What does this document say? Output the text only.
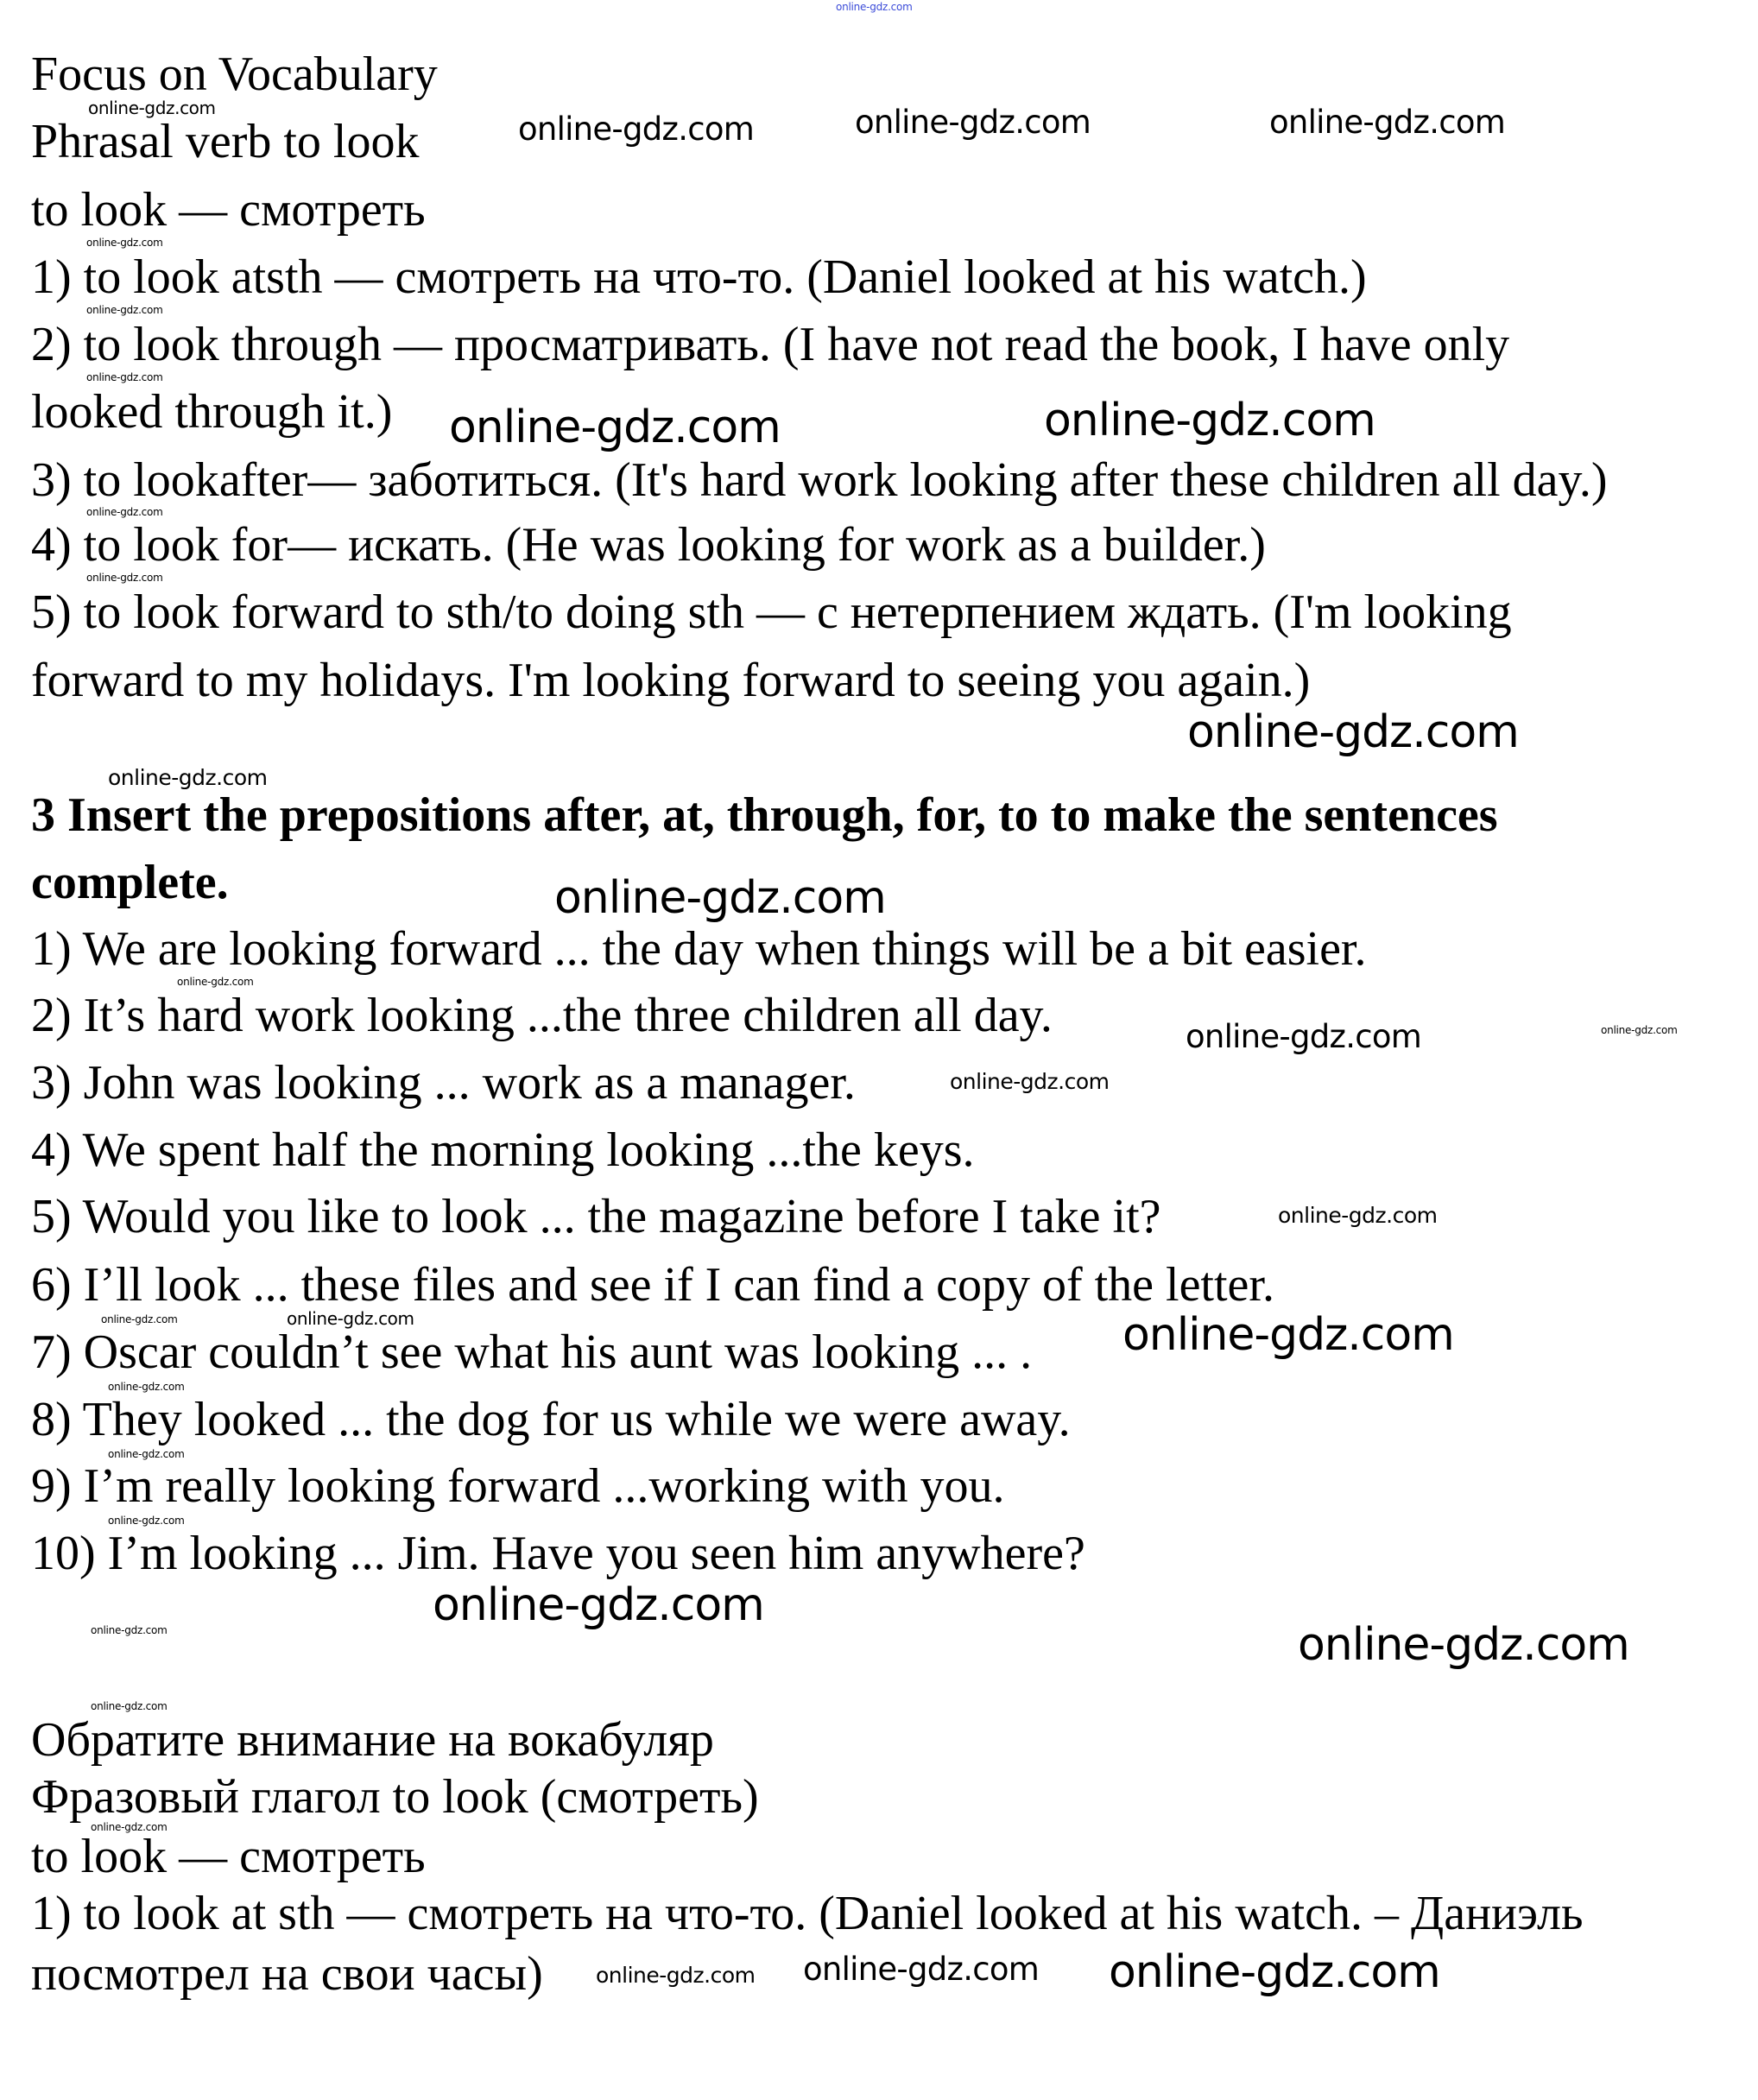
Focus on Vocabulary
Phrasal verb to look
to look — смотреть
1) to look atsth — смотреть на что-то. (Daniel looked at his watch.)
2) to look through — просматривать. (I have not read the book, I have only
looked through it.)
3) to lookafter— заботиться. (It's hard work looking after these children all day.)
4) to look for— искать. (He was looking for work as a builder.)
5) to look forward to sth/to doing sth — с нетерпением ждать. (I'm looking
forward to my holidays. I'm looking forward to seeing you again.)
3 Insert the prepositions after, at, through, for, to to make the sentences
complete.
1) We are looking forward ... the day when things will be a bit easier.
2) It’s hard work looking ...the three children all day.
3) John was looking ... work as a manager.
4) We spent half the morning looking ...the keys.
5) Would you like to look ... the magazine before I take it?
6) I’ll look ... these files and see if I can find a copy of the letter.
7) Oscar couldn’t see what his aunt was looking ... .
8) They looked ... the dog for us while we were away.
9) I’m really looking forward ...working with you.
10) I’m looking ... Jim. Have you seen him anywhere?
Обратите внимание на вокабуляр
Фразовый глагол to look (смотреть)
to look — смотреть
1) to look at sth — смотреть на что-то. (Daniel looked at his watch. – Даниэль
посмотрел на свои часы)
online-gdz.com
online-gdz.com	online-gdz.com
online-gdz.com
online-gdz.com
online-gdz.com
online-gdz.com
online-gdz.com
online-gdz.com
online-gdz.com	online-gdz.com	online-gdz.com
online-gdz.com
online-gdz.com
online-gdz.com
online-gdz.com
online-gdz.com
online-gdz.com
online-gdz.com
online-gdz.com
online-gdz.com
online-gdz.com
online-gdz.com
online-gdz.com
online-gdz.com
online-gdz.com
online-gdz.com
online-gdz.com
online-gdz.com
online-gdz.com
online-gdz.com
online-gdz.com
online-gdz.com
online-gdz.com
